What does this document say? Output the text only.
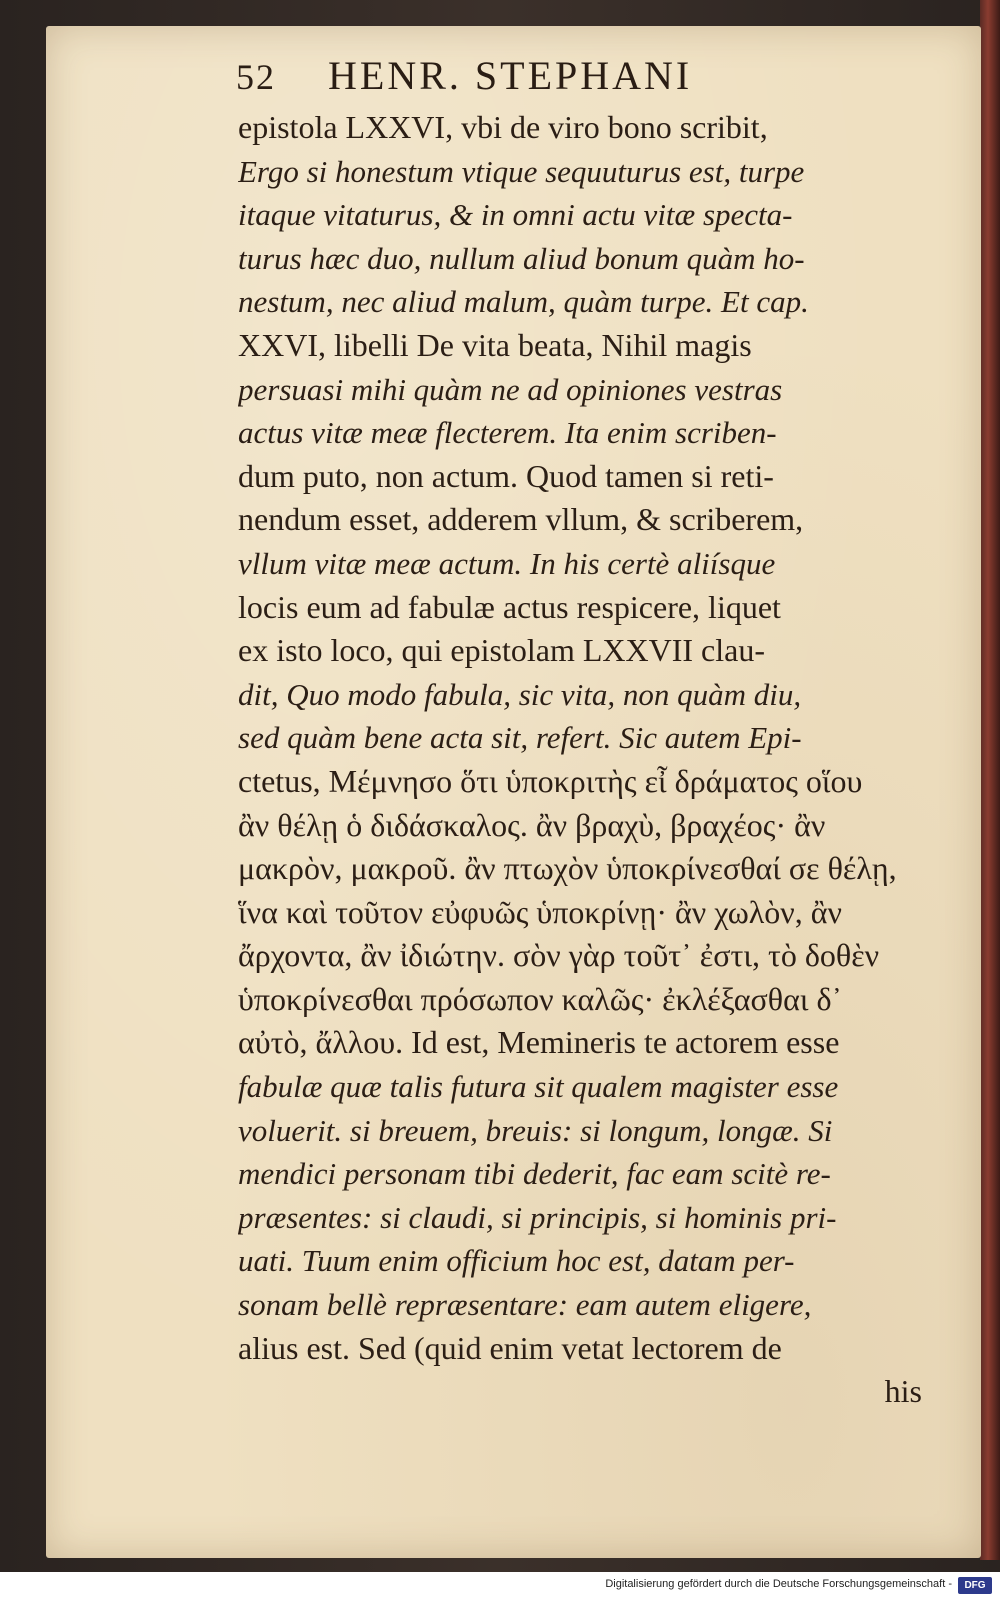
52 HENR. STEPHANI
epistola LXXVI, vbi de viro bono scribit,
Ergo si honestum vtique sequuturus est, turpe
itaque vitaturus, & in omni actu vitæ specta-
turus hæc duo, nullum aliud bonum quàm ho-
nestum, nec aliud malum, quàm turpe. Et cap.
XXVI, libelli De vita beata, Nihil magis
persuasi mihi quàm ne ad opiniones vestras
actus vitæ meæ flecterem. Ita enim scriben-
dum puto, non actum. Quod tamen si reti-
nendum esset, adderem vllum, & scriberem,
vllum vitæ meæ actum. In his certè aliísque
locis eum ad fabulæ actus respicere, liquet
ex isto loco, qui epistolam LXXVII clau-
dit, Quo modo fabula, sic vita, non quàm diu,
sed quàm bene acta sit, refert. Sic autem Epi-
ctetus, Μέμνησο ὅτι ὑποκριτὴς εἶ δράματος οἵου
ἂν θέλῃ ὁ διδάσκαλος. ἂν βραχὺ, βραχέος· ἂν
μακρὸν, μακροῦ. ἂν πτωχὸν ὑποκρίνεσθαί σε θέλῃ,
ἵνα καὶ τοῦτον εὐφυῶς ὑποκρίνῃ· ἂν χωλὸν, ἂν
ἄρχοντα, ἂν ἰδιώτην. σὸν γὰρ τοῦτ᾽ ἐστι, τὸ δοθὲν
ὑποκρίνεσθαι πρόσωπον καλῶς· ἐκλέξασθαι δ᾽
αὐτὸ, ἄλλου. Id est, Memineris te actorem esse
fabulæ quæ talis futura sit qualem magister esse
voluerit. si breuem, breuis: si longum, longæ. Si
mendici personam tibi dederit, fac eam scitè re-
præsentes: si claudi, si principis, si hominis pri-
uati. Tuum enim officium hoc est, datam per-
sonam bellè repræsentare: eam autem eligere,
alius est. Sed (quid enim vetat lectorem de
his
Digitalisierung gefördert durch die Deutsche Forschungsgemeinschaft -	DFG
